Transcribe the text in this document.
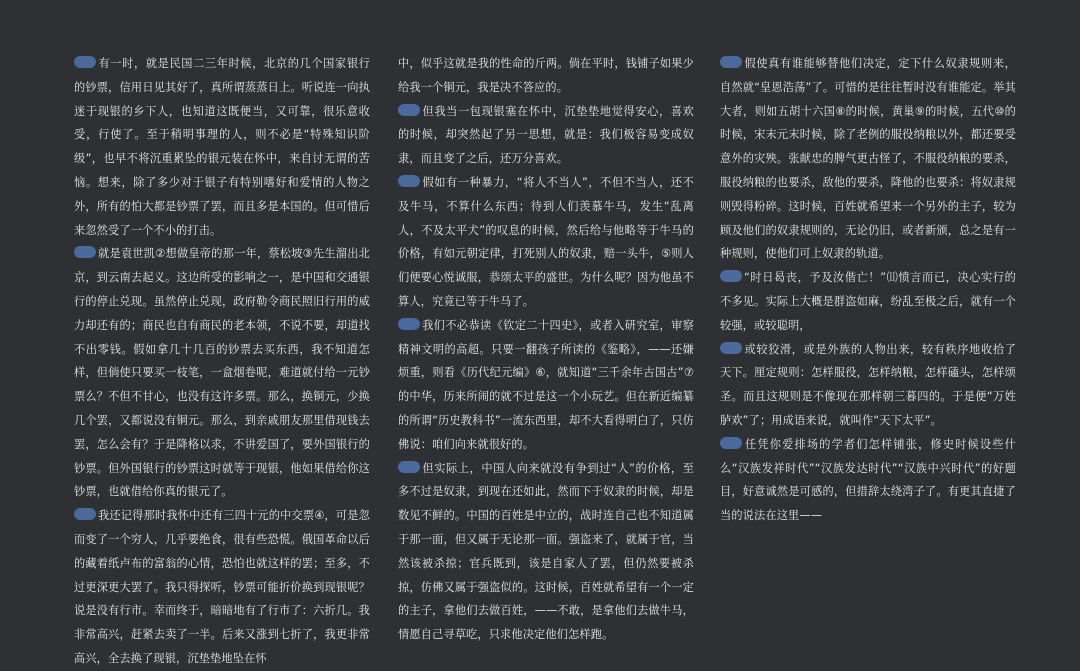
有一时，就是民国二三年时候，北京的几个国家银行的钞票，信用日见其好了，真所谓蒸蒸日上。听说连一向执迷于现银的乡下人，也知道这既便当，又可靠，很乐意收受，行使了。至于稍明事理的人，则不必是“特殊知识阶级”，也早不将沉重累坠的银元装在怀中，来自讨无谓的苦恼。想来，除了多少对于银子有特别嗜好和爱情的人物之外，所有的怕大都是钞票了罢，而且多是本国的。但可惜后来忽然受了一个不小的打击。

就是袁世凯②想做皇帝的那一年，蔡松坡③先生溜出北京，到云南去起义。这边所受的影响之一，是中国和交通银行的停止兑现。虽然停止兑现，政府勒令商民照旧行用的威力却还有的；商民也自有商民的老本领，不说不要，却道找不出零钱。假如拿几十几百的钞票去买东西，我不知道怎样，但倘使只要买一枝笔，一盒烟卷呢，难道就付给一元钞票么？不但不甘心，也没有这许多票。那么，换铜元，少换几个罢，又都说没有铜元。那么，到亲戚朋友那里借现钱去罢，怎么会有？于是降格以求，不讲爱国了，要外国银行的钞票。但外国银行的钞票这时就等于现银，他如果借给你这钞票，也就借给你真的银元了。

我还记得那时我怀中还有三四十元的中交票④，可是忽而变了一个穷人，几乎要绝食，很有些恐慌。俄国革命以后的藏着纸卢布的富翁的心情，恐怕也就这样的罢；至多，不过更深更大罢了。我只得探听，钞票可能折价换到现银呢？说是没有行市。幸而终于，暗暗地有了行市了：六折几。我非常高兴，赶紧去卖了一半。后来又涨到七折了，我更非常高兴，全去换了现银，沉垫垫地坠在怀

中，似乎这就是我的性命的斤两。倘在平时，钱铺子如果少给我一个铜元，我是决不答应的。

但我当一包现银塞在怀中，沉垫垫地觉得安心，喜欢的时候，却突然起了另一思想，就是：我们极容易变成奴隶，而且变了之后，还万分喜欢。

假如有一种暴力，“将人不当人”，不但不当人，还不及牛马，不算什么东西；待到人们羡慕牛马，发生“乱离人，不及太平犬”的叹息的时候，然后给与他略等于牛马的价格，有如元朝定律，打死别人的奴隶，赔一头牛，⑤则人们便要心悦诚服，恭颂太平的盛世。为什么呢？因为他虽不算人，究竟已等于牛马了。

我们不必恭读《钦定二十四史》，或者入研究室，审察精神文明的高超。只要一翻孩子所读的《鉴略》，——还嫌烦重，则看《历代纪元编》⑥，就知道“三千余年古国古”⑦的中华，历来所闹的就不过是这一个小玩艺。但在新近编纂的所谓“历史教科书”一流东西里，却不大看得明白了，只仿佛说：咱们向来就很好的。

但实际上，中国人向来就没有争到过“人”的价格，至多不过是奴隶，到现在还如此，然而下于奴隶的时候，却是数见不鲜的。中国的百姓是中立的，战时连自己也不知道属于那一面，但又属于无论那一面。强盗来了，就属于官，当然该被杀掠；官兵既到，该是自家人了罢，但仍然要被杀掠，仿佛又属于强盗似的。这时候，百姓就希望有一个一定的主子，拿他们去做百姓，——不敢，是拿他们去做牛马，情愿自己寻草吃，只求他决定他们怎样跑。

假使真有谁能够替他们决定，定下什么奴隶规则来，自然就“皇恩浩荡”了。可惜的是往往暂时没有谁能定。举其大者，则如五胡十六国⑧的时候，黄巢⑨的时候，五代⑩的时候，宋末元末时候，除了老例的服役纳粮以外，都还要受意外的灾殃。张献忠的脾气更古怪了，不服役纳粮的要杀，服役纳粮的也要杀，敌他的要杀，降他的也要杀：将奴隶规则毁得粉碎。这时候，百姓就希望来一个另外的主子，较为顾及他们的奴隶规则的，无论仍旧，或者新颁，总之是有一种规则，使他们可上奴隶的轨道。

“时日曷丧，予及汝偕亡！”⑾愤言而已，决心实行的不多见。实际上大概是群盗如麻，纷乱至极之后，就有一个较强，或较聪明，

或较狡滑，或是外族的人物出来，较有秩序地收拾了天下。厘定规则：怎样服役，怎样纳粮，怎样磕头，怎样颂圣。而且这规则是不像现在那样朝三暮四的。于是便“万姓胪欢”了；用成语来说，就叫作“天下太平”。

任凭你爱排场的学者们怎样铺张，修史时候设些什么“汉族发祥时代”“汉族发达时代”“汉族中兴时代”的好题目，好意诚然是可感的，但措辞太绕湾子了。有更其直捷了当的说法在这里——
